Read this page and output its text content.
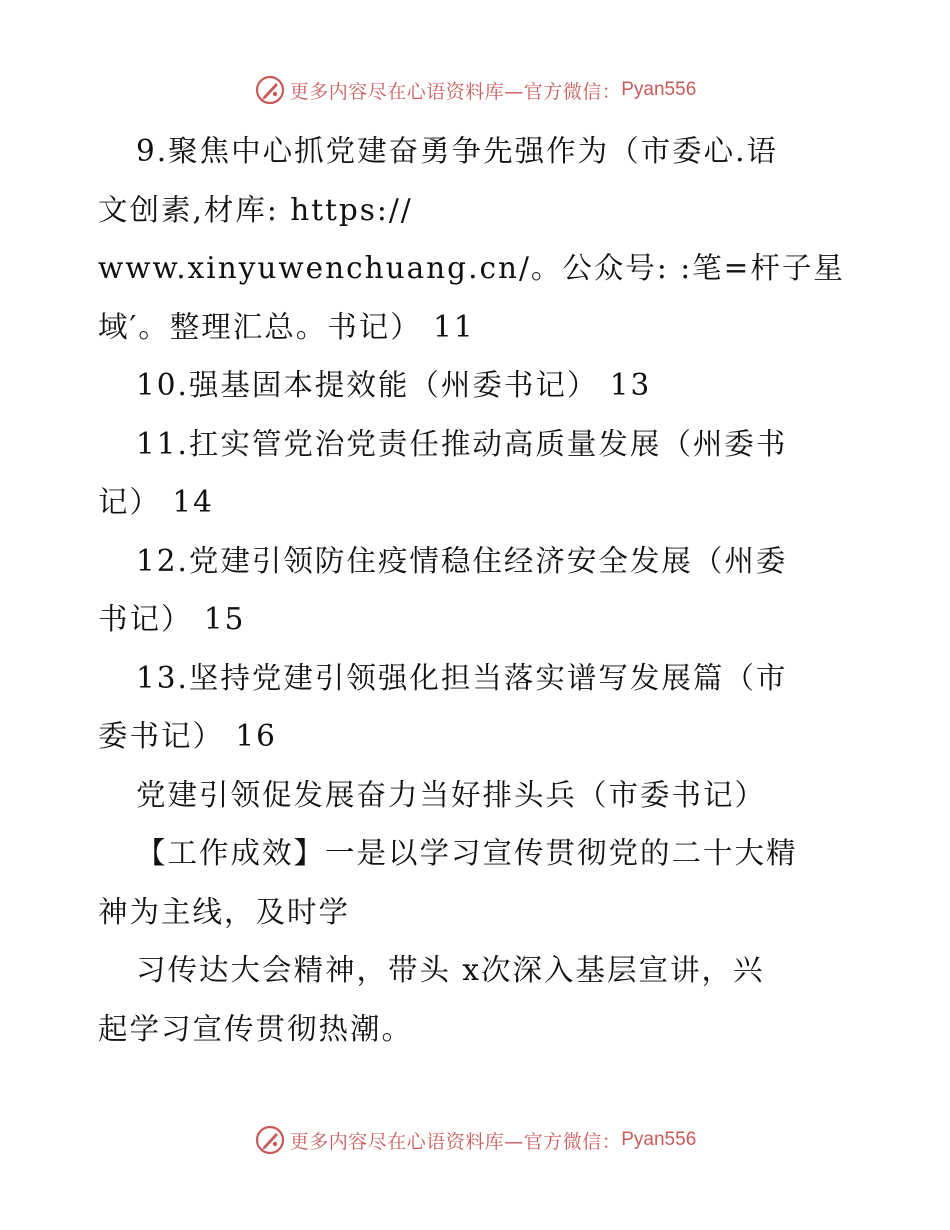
更多内容尽在心语资料库—官方微信： Pyan556
9.聚焦中心抓党建奋勇争先强作为（市委心.语
文创素,材库: https://
www.xinyuwenchuang.cn/。公众号: :笔=杆子星
域′。整理汇总。书记） 11
10.强基固本提效能（州委书记） 13
11.扛实管党治党责任推动高质量发展（州委书
记） 14
12.党建引领防住疫情稳住经济安全发展（州委
书记） 15
13.坚持党建引领强化担当落实谱写发展篇（市
委书记） 16
党建引领促发展奋力当好排头兵（市委书记）
【工作成效】一是以学习宣传贯彻党的二十大精
神为主线，及时学
习传达大会精神，带头 x次深入基层宣讲，兴
起学习宣传贯彻热潮。
更多内容尽在心语资料库—官方微信： Pyan556
